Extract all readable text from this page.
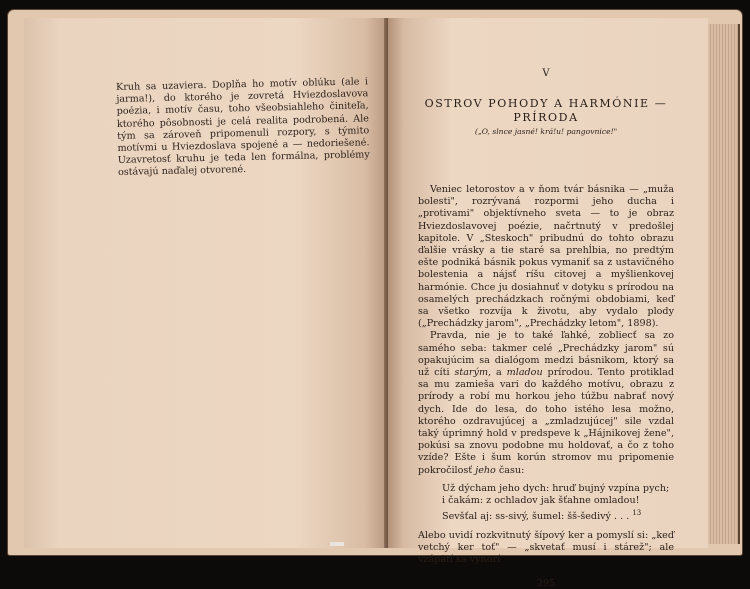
Kruh sa uzaviera. Doplňa ho motív oblúku (ale i jarma!), do ktorého je zovretá Hviezdoslavova poézia, i motív času, toho všeobsiahleho činiteľa, ktorého pôsobnosti je celá realita podrobená. Ale tým sa zároveň pripomenuli rozpory, s týmito motívmi u Hviezdoslava spojené a — nedoriešené. Uzavretosť kruhu je teda len formálna, problémy ostávajú naďalej otvorené.
V
OSTROV POHODY A HARMÓNIE —
PRÍRODA
(„O, slnce jasné! krá!u! pangovnice!"

Veniec letorostov a v ňom tvár básnika — „muža bolesti", rozrývaná rozpormi jeho ducha i „protivami" objektívneho sveta — to je obraz Hviezdoslavovej poézie, načrtnutý v predošlej kapitole. V „Steskoch" pribudnú do tohto obrazu ďalšie vrásky a tie staré sa prehĺbia, no predtým ešte podniká básnik pokus vymaniť sa z ustavičného bolestenia a nájsť ríšu citovej a myšlienkovej harmónie. Chce ju dosiahnuť v dotyku s prírodou na osamelých prechádzkach ročnými obdobiami, keď sa všetko rozvíja k životu, aby vydalo plody („Prechádzky jarom", „Prechádzky letom", 1898).

Pravda, nie je to také ľahké, zobliecť sa zo samého seba: takmer celé „Prechádzky jarom" sú opakujúcim sa dialógom medzi básnikom, ktorý sa už cíti starým, a mladou prírodou. Tento protiklad sa mu zamieša vari do každého motívu, obrazu z prírody a robí mu horkou jeho túžbu nabrať nový dych. Ide do lesa, do toho istého lesa možno, ktorého ozdravujúcej a „zmladzujúcej" sile vzdal taký úprimný hold v predspeve k „Hájnikovej žene", pokúsi sa znovu podobne mu holdovať, a čo z toho vzíde? Ešte i šum korún stromov mu pripomenie pokročilosť jeho času:

Už dýcham jeho dych: hruď bujný vzpína pych;
i čakám: z ochladov jak šťahne omladou!
Sevšťal aj: ss-sivý, šumel: šš-šedivý . . . $^{13}$

Alebo uvidí rozkvitnutý šípový ker a pomyslí si: „keď vetchý ker toť" — „skvetať musí i stárež"; ale vzápätí sa vynorí

295
